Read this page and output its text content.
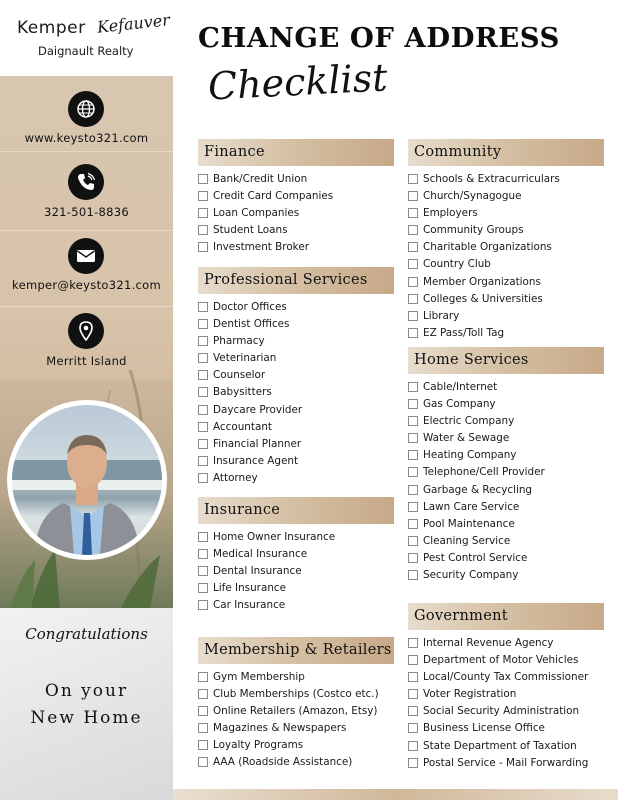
Kemper Kefauver
Daignault Realty
www.keysto321.com
321-501-8836
kemper@keysto321.com
Merritt Island
Congratulations
On your
New Home
CHANGE OF ADDRESS
Checklist
Finance
Bank/Credit Union
Credit Card Companies
Loan Companies
Student Loans
Investment Broker
Professional Services
Doctor Offices
Dentist Offices
Pharmacy
Veterinarian
Counselor
Babysitters
Daycare Provider
Accountant
Financial Planner
Insurance Agent
Attorney
Insurance
Home Owner Insurance
Medical Insurance
Dental Insurance
Life Insurance
Car Insurance
Membership & Retailers
Gym Membership
Club Memberships (Costco etc.)
Online Retailers (Amazon, Etsy)
Magazines & Newspapers
Loyalty Programs
AAA (Roadside Assistance)
Community
Schools & Extracurriculars
Church/Synagogue
Employers
Community Groups
Charitable Organizations
Country Club
Member Organizations
Colleges & Universities
Library
EZ Pass/Toll Tag
Home Services
Cable/Internet
Gas Company
Electric Company
Water & Sewage
Heating Company
Telephone/Cell Provider
Garbage & Recycling
Lawn Care Service
Pool Maintenance
Cleaning Service
Pest Control Service
Security Company
Government
Internal Revenue Agency
Department of Motor Vehicles
Local/County Tax Commissioner
Voter Registration
Social Security Administration
Business License Office
State Department of Taxation
Postal Service - Mail Forwarding
